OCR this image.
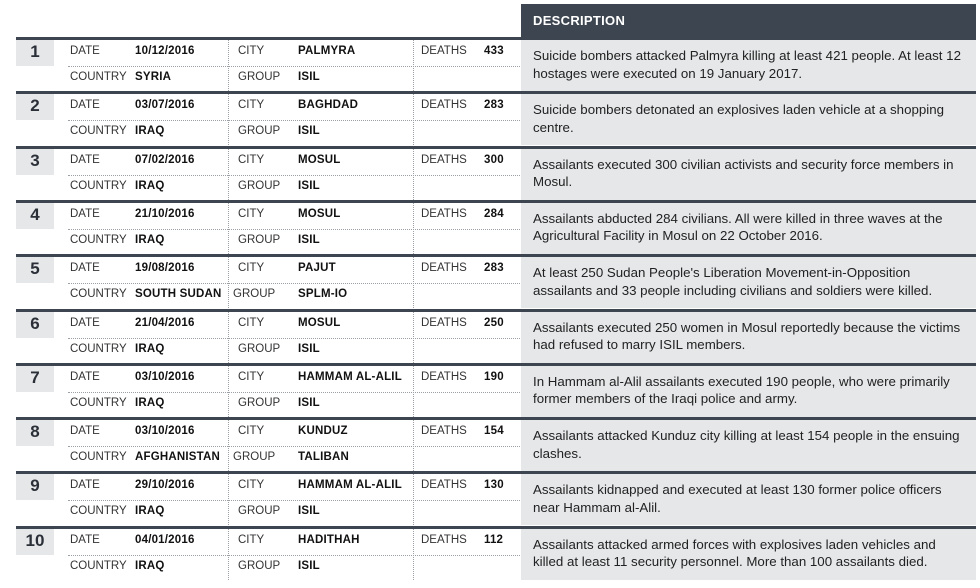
DESCRIPTION
1	DATE	10/12/2016	CITY	PALMYRA	DEATHS 433
COUNTRY SYRIA	GROUP ISIL
Suicide bombers attacked Palmyra killing at least 421 people. At least 12 hostages were executed on 19 January 2017.
2	DATE	03/07/2016	CITY	BAGHDAD	DEATHS 283
COUNTRY IRAQ	GROUP ISIL
Suicide bombers detonated an explosives laden vehicle at a shopping centre.
3	DATE	07/02/2016	CITY	MOSUL	DEATHS 300
COUNTRY IRAQ	GROUP ISIL
Assailants executed 300 civilian activists and security force members in Mosul.
4	DATE	21/10/2016	CITY	MOSUL	DEATHS 284
COUNTRY IRAQ	GROUP ISIL
Assailants abducted 284 civilians. All were killed in three waves at the Agricultural Facility in Mosul on 22 October 2016.
5	DATE	19/08/2016	CITY	PAJUT	DEATHS 283
COUNTRY SOUTH SUDAN GROUP SPLM-IO
At least 250 Sudan People's Liberation Movement-in-Opposition assailants and 33 people including civilians and soldiers were killed.
6	DATE	21/04/2016	CITY	MOSUL	DEATHS 250
COUNTRY IRAQ	GROUP ISIL
Assailants executed 250 women in Mosul reportedly because the victims had refused to marry ISIL members.
7	DATE	03/10/2016	CITY	HAMMAM AL-ALIL DEATHS 190
COUNTRY IRAQ	GROUP ISIL
In Hammam al-Alil assailants executed 190 people, who were primarily former members of the Iraqi police and army.
8	DATE	03/10/2016	CITY	KUNDUZ	DEATHS 154
COUNTRY AFGHANISTAN GROUP TALIBAN
Assailants attacked Kunduz city killing at least 154 people in the ensuing clashes.
9	DATE	29/10/2016	CITY	HAMMAM AL-ALIL DEATHS 130
COUNTRY IRAQ	GROUP ISIL
Assailants kidnapped and executed at least 130 former police officers near Hammam al-Alil.
10	DATE	04/01/2016	CITY	HADITHAH	DEATHS 112
COUNTRY IRAQ	GROUP ISIL
Assailants attacked armed forces with explosives laden vehicles and killed at least 11 security personnel. More than 100 assailants died.
